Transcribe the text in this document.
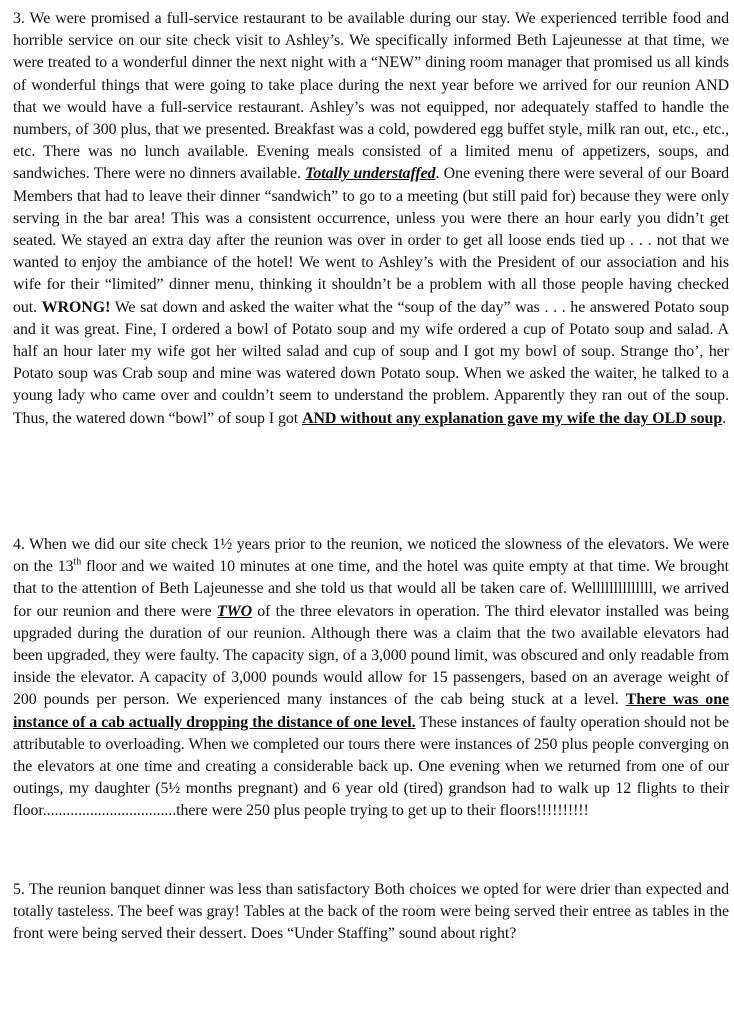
3. We were promised a full-service restaurant to be available during our stay. We experienced terrible food and horrible service on our site check visit to Ashley’s. We specifically informed Beth Lajeunesse at that time, we were treated to a wonderful dinner the next night with a “NEW” dining room manager that promised us all kinds of wonderful things that were going to take place during the next year before we arrived for our reunion AND that we would have a full-service restaurant. Ashley’s was not equipped, nor adequately staffed to handle the numbers, of 300 plus, that we presented. Breakfast was a cold, powdered egg buffet style, milk ran out, etc., etc., etc. There was no lunch available. Evening meals consisted of a limited menu of appetizers, soups, and sandwiches. There were no dinners available. Totally understaffed. One evening there were several of our Board Members that had to leave their dinner “sandwich” to go to a meeting (but still paid for) because they were only serving in the bar area! This was a consistent occurrence, unless you were there an hour early you didn’t get seated. We stayed an extra day after the reunion was over in order to get all loose ends tied up . . . not that we wanted to enjoy the ambiance of the hotel! We went to Ashley’s with the President of our association and his wife for their “limited” dinner menu, thinking it shouldn’t be a problem with all those people having checked out. WRONG! We sat down and asked the waiter what the “soup of the day” was . . . he answered Potato soup and it was great. Fine, I ordered a bowl of Potato soup and my wife ordered a cup of Potato soup and salad. A half an hour later my wife got her wilted salad and cup of soup and I got my bowl of soup. Strange tho’, her Potato soup was Crab soup and mine was watered down Potato soup. When we asked the waiter, he talked to a young lady who came over and couldn’t seem to understand the problem. Apparently they ran out of the soup. Thus, the watered down “bowl” of soup I got AND without any explanation gave my wife the day OLD soup.

4. When we did our site check 1½ years prior to the reunion, we noticed the slowness of the elevators. We were on the 13th floor and we waited 10 minutes at one time, and the hotel was quite empty at that time. We brought that to the attention of Beth Lajeunesse and she told us that would all be taken care of. Wellllllllllllll, we arrived for our reunion and there were TWO of the three elevators in operation. The third elevator installed was being upgraded during the duration of our reunion. Although there was a claim that the two available elevators had been upgraded, they were faulty. The capacity sign, of a 3,000 pound limit, was obscured and only readable from inside the elevator. A capacity of 3,000 pounds would allow for 15 passengers, based on an average weight of 200 pounds per person. We experienced many instances of the cab being stuck at a level. There was one instance of a cab actually dropping the distance of one level. These instances of faulty operation should not be attributable to overloading. When we completed our tours there were instances of 250 plus people converging on the elevators at one time and creating a considerable back up. One evening when we returned from one of our outings, my daughter (5½ months pregnant) and 6 year old (tired) grandson had to walk up 12 flights to their floor..................................there were 250 plus people trying to get up to their floors!!!!!!!!!!

5. The reunion banquet dinner was less than satisfactory Both choices we opted for were drier than expected and totally tasteless. The beef was gray! Tables at the back of the room were being served their entree as tables in the front were being served their dessert. Does “Under Staffing” sound about right?
